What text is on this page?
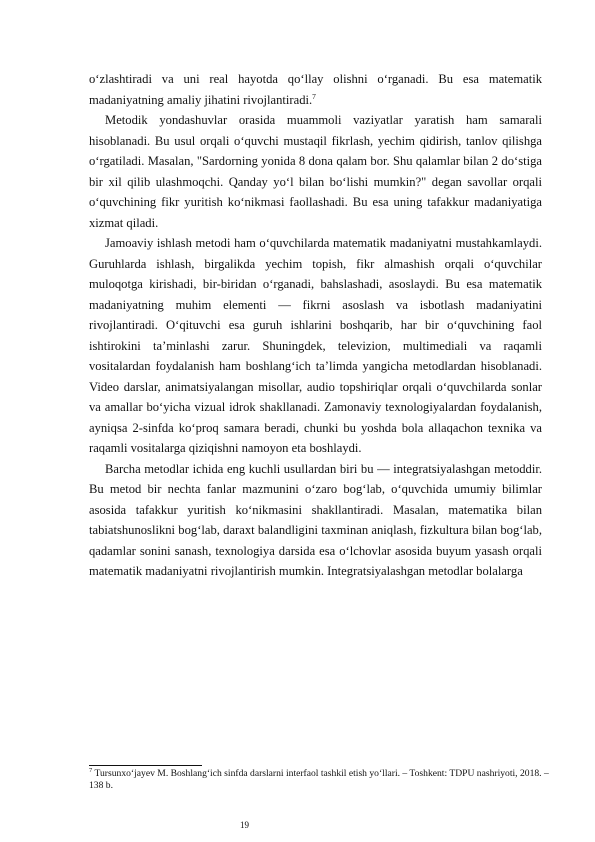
o‘zlashtiradi va uni real hayotda qo‘llay olishni o‘rganadi. Bu esa matematik madaniyatning amaliy jihatini rivojlantiradi.$^7$

Metodik yondashuvlar orasida muammoli vaziyatlar yaratish ham samarali hisoblanadi. Bu usul orqali o‘quvchi mustaqil fikrlash, yechim qidirish, tanlov qilishga o‘rgatiladi. Masalan, "Sardorning yonida 8 dona qalam bor. Shu qalamlar bilan 2 do‘stiga bir xil qilib ulashmoqchi. Qanday yo‘l bilan bo‘lishi mumkin?" degan savollar orqali o‘quvchining fikr yuritish ko‘nikmasi faollashadi. Bu esa uning tafakkur madaniyatiga xizmat qiladi.

Jamoaviy ishlash metodi ham o‘quvchilarda matematik madaniyatni mustahkamlaydi. Guruhlarda ishlash, birgalikda yechim topish, fikr almashish orqali o‘quvchilar muloqotga kirishadi, bir-biridan o‘rganadi, bahslashadi, asoslaydi. Bu esa matematik madaniyatning muhim elementi — fikrni asoslash va isbotlash madaniyatini rivojlantiradi. O‘qituvchi esa guruh ishlarini boshqarib, har bir o‘quvchining faol ishtirokini ta’minlashi zarur. Shuningdek, televizion, multimediali va raqamli vositalardan foydalanish ham boshlang‘ich ta’limda yangicha metodlardan hisoblanadi. Video darslar, animatsiyalangan misollar, audio topshiriqlar orqali o‘quvchilarda sonlar va amallar bo‘yicha vizual idrok shakllanadi. Zamonaviy texnologiyalardan foydalanish, ayniqsa 2-sinfda ko‘proq samara beradi, chunki bu yoshda bola allaqachon texnika va raqamli vositalarga qiziqishni namoyon eta boshlaydi.

Barcha metodlar ichida eng kuchli usullardan biri bu — integratsiyalashgan metoddir. Bu metod bir nechta fanlar mazmunini o‘zaro bog‘lab, o‘quvchida umumiy bilimlar asosida tafakkur yuritish ko‘nikmasini shakllantiradi. Masalan, matematika bilan tabiatshunoslikni bog‘lab, daraxt balandligini taxminan aniqlash, fizkultura bilan bog‘lab, qadamlar sonini sanash, texnologiya darsida esa o‘lchovlar asosida buyum yasash orqali matematik madaniyatni rivojlantirish mumkin. Integratsiyalashgan metodlar bolalarga

$^7$ Tursunxo‘jayev M. Boshlang‘ich sinfda darslarni interfaol tashkil etish yo‘llari. – Toshkent: TDPU nashriyoti, 2018. – 138 b.

19
